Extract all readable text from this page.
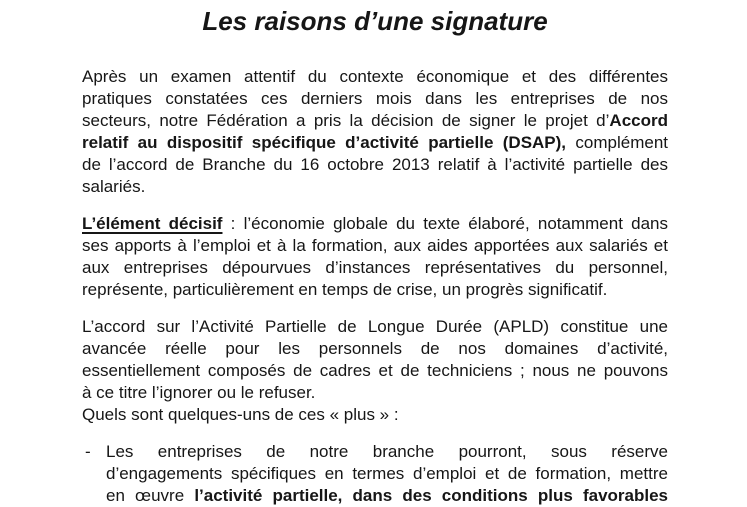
Les raisons d’une signature
Après un examen attentif du contexte économique et des différentes
pratiques constatées ces derniers mois dans les entreprises de nos
secteurs, notre Fédération a pris la décision de signer le projet d’Accord
relatif au dispositif spécifique d’activité partielle (DSAP), complément
de l’accord de Branche du 16 octobre 2013 relatif à l’activité partielle des
salariés.
L’élément décisif : l’économie globale du texte élaboré, notamment dans
ses apports à l’emploi et à la formation, aux aides apportées aux salariés et
aux entreprises dépourvues d’instances représentatives du personnel,
représente, particulièrement en temps de crise, un progrès significatif.
L’accord sur l’Activité Partielle de Longue Durée (APLD) constitue une
avancée réelle pour les personnels de nos domaines d’activité,
essentiellement composés de cadres et de techniciens ; nous ne pouvons
à ce titre l’ignorer ou le refuser.
Quels sont quelques-uns de ces « plus » :
- Les entreprises de notre branche pourront, sous réserve
d’engagements spécifiques en termes d’emploi et de formation, mettre
en œuvre l’activité partielle, dans des conditions plus favorables
